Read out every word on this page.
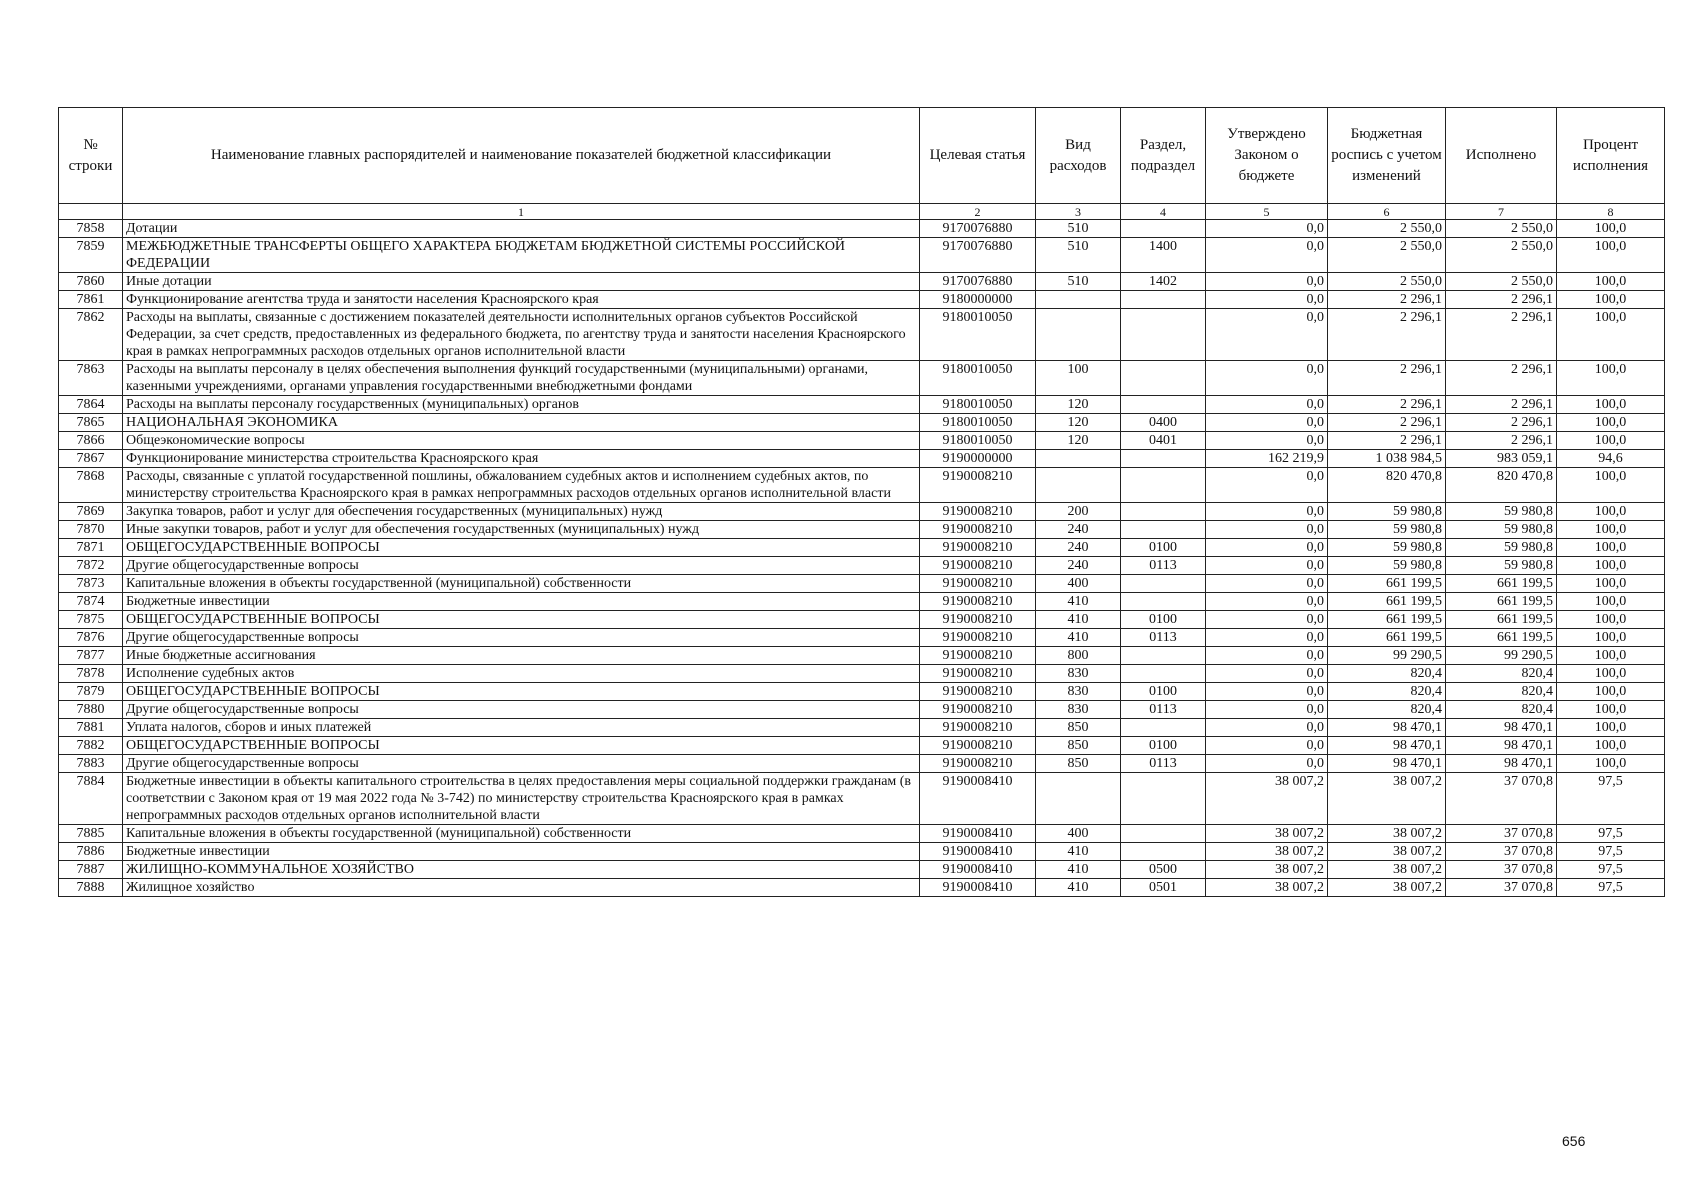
№ строки	Наименование главных распорядителей и наименование показателей бюджетной классификации	Целевая статья	Вид расходов	Раздел, подраздел	Утверждено Законом о бюджете	Бюджетная роспись с учетом изменений	Исполнено	Процент исполнения
	1	2	3	4	5	6	7	8
7858	Дотации	9170076880	510		0,0	2 550,0	2 550,0	100,0
7859	МЕЖБЮДЖЕТНЫЕ ТРАНСФЕРТЫ ОБЩЕГО ХАРАКТЕРА БЮДЖЕТАМ БЮДЖЕТНОЙ СИСТЕМЫ РОССИЙСКОЙ ФЕДЕРАЦИИ	9170076880	510	1400	0,0	2 550,0	2 550,0	100,0
7860	Иные дотации	9170076880	510	1402	0,0	2 550,0	2 550,0	100,0
7861	Функционирование агентства труда и занятости населения Красноярского края	9180000000			0,0	2 296,1	2 296,1	100,0
7862	Расходы на выплаты, связанные с достижением показателей деятельности исполнительных органов субъектов Российской Федерации, за счет средств, предоставленных из федерального бюджета, по агентству труда и занятости населения Красноярского края в рамках непрограммных расходов отдельных органов исполнительной власти	9180010050			0,0	2 296,1	2 296,1	100,0
7863	Расходы на выплаты персоналу в целях обеспечения выполнения функций государственными (муниципальными) органами, казенными учреждениями, органами управления государственными внебюджетными фондами	9180010050	100		0,0	2 296,1	2 296,1	100,0
7864	Расходы на выплаты персоналу государственных (муниципальных) органов	9180010050	120		0,0	2 296,1	2 296,1	100,0
7865	НАЦИОНАЛЬНАЯ ЭКОНОМИКА	9180010050	120	0400	0,0	2 296,1	2 296,1	100,0
7866	Общеэкономические вопросы	9180010050	120	0401	0,0	2 296,1	2 296,1	100,0
7867	Функционирование министерства строительства Красноярского края	9190000000			162 219,9	1 038 984,5	983 059,1	94,6
7868	Расходы, связанные с уплатой государственной пошлины, обжалованием судебных актов и исполнением судебных актов, по министерству строительства Красноярского края в рамках непрограммных расходов отдельных органов исполнительной власти	9190008210			0,0	820 470,8	820 470,8	100,0
7869	Закупка товаров, работ и услуг для обеспечения государственных (муниципальных) нужд	9190008210	200		0,0	59 980,8	59 980,8	100,0
7870	Иные закупки товаров, работ и услуг для обеспечения государственных (муниципальных) нужд	9190008210	240		0,0	59 980,8	59 980,8	100,0
7871	ОБЩЕГОСУДАРСТВЕННЫЕ ВОПРОСЫ	9190008210	240	0100	0,0	59 980,8	59 980,8	100,0
7872	Другие общегосударственные вопросы	9190008210	240	0113	0,0	59 980,8	59 980,8	100,0
7873	Капитальные вложения в объекты государственной (муниципальной) собственности	9190008210	400		0,0	661 199,5	661 199,5	100,0
7874	Бюджетные инвестиции	9190008210	410		0,0	661 199,5	661 199,5	100,0
7875	ОБЩЕГОСУДАРСТВЕННЫЕ ВОПРОСЫ	9190008210	410	0100	0,0	661 199,5	661 199,5	100,0
7876	Другие общегосударственные вопросы	9190008210	410	0113	0,0	661 199,5	661 199,5	100,0
7877	Иные бюджетные ассигнования	9190008210	800		0,0	99 290,5	99 290,5	100,0
7878	Исполнение судебных актов	9190008210	830		0,0	820,4	820,4	100,0
7879	ОБЩЕГОСУДАРСТВЕННЫЕ ВОПРОСЫ	9190008210	830	0100	0,0	820,4	820,4	100,0
7880	Другие общегосударственные вопросы	9190008210	830	0113	0,0	820,4	820,4	100,0
7881	Уплата налогов, сборов и иных платежей	9190008210	850		0,0	98 470,1	98 470,1	100,0
7882	ОБЩЕГОСУДАРСТВЕННЫЕ ВОПРОСЫ	9190008210	850	0100	0,0	98 470,1	98 470,1	100,0
7883	Другие общегосударственные вопросы	9190008210	850	0113	0,0	98 470,1	98 470,1	100,0
7884	Бюджетные инвестиции в объекты капитального строительства в целях предоставления меры социальной поддержки гражданам (в соответствии с Законом края от 19 мая 2022 года № 3-742) по министерству строительства Красноярского края в рамках непрограммных расходов отдельных органов исполнительной власти	9190008410			38 007,2	38 007,2	37 070,8	97,5
7885	Капитальные вложения в объекты государственной (муниципальной) собственности	9190008410	400		38 007,2	38 007,2	37 070,8	97,5
7886	Бюджетные инвестиции	9190008410	410		38 007,2	38 007,2	37 070,8	97,5
7887	ЖИЛИЩНО-КОММУНАЛЬНОЕ ХОЗЯЙСТВО	9190008410	410	0500	38 007,2	38 007,2	37 070,8	97,5
7888	Жилищное хозяйство	9190008410	410	0501	38 007,2	38 007,2	37 070,8	97,5
656
